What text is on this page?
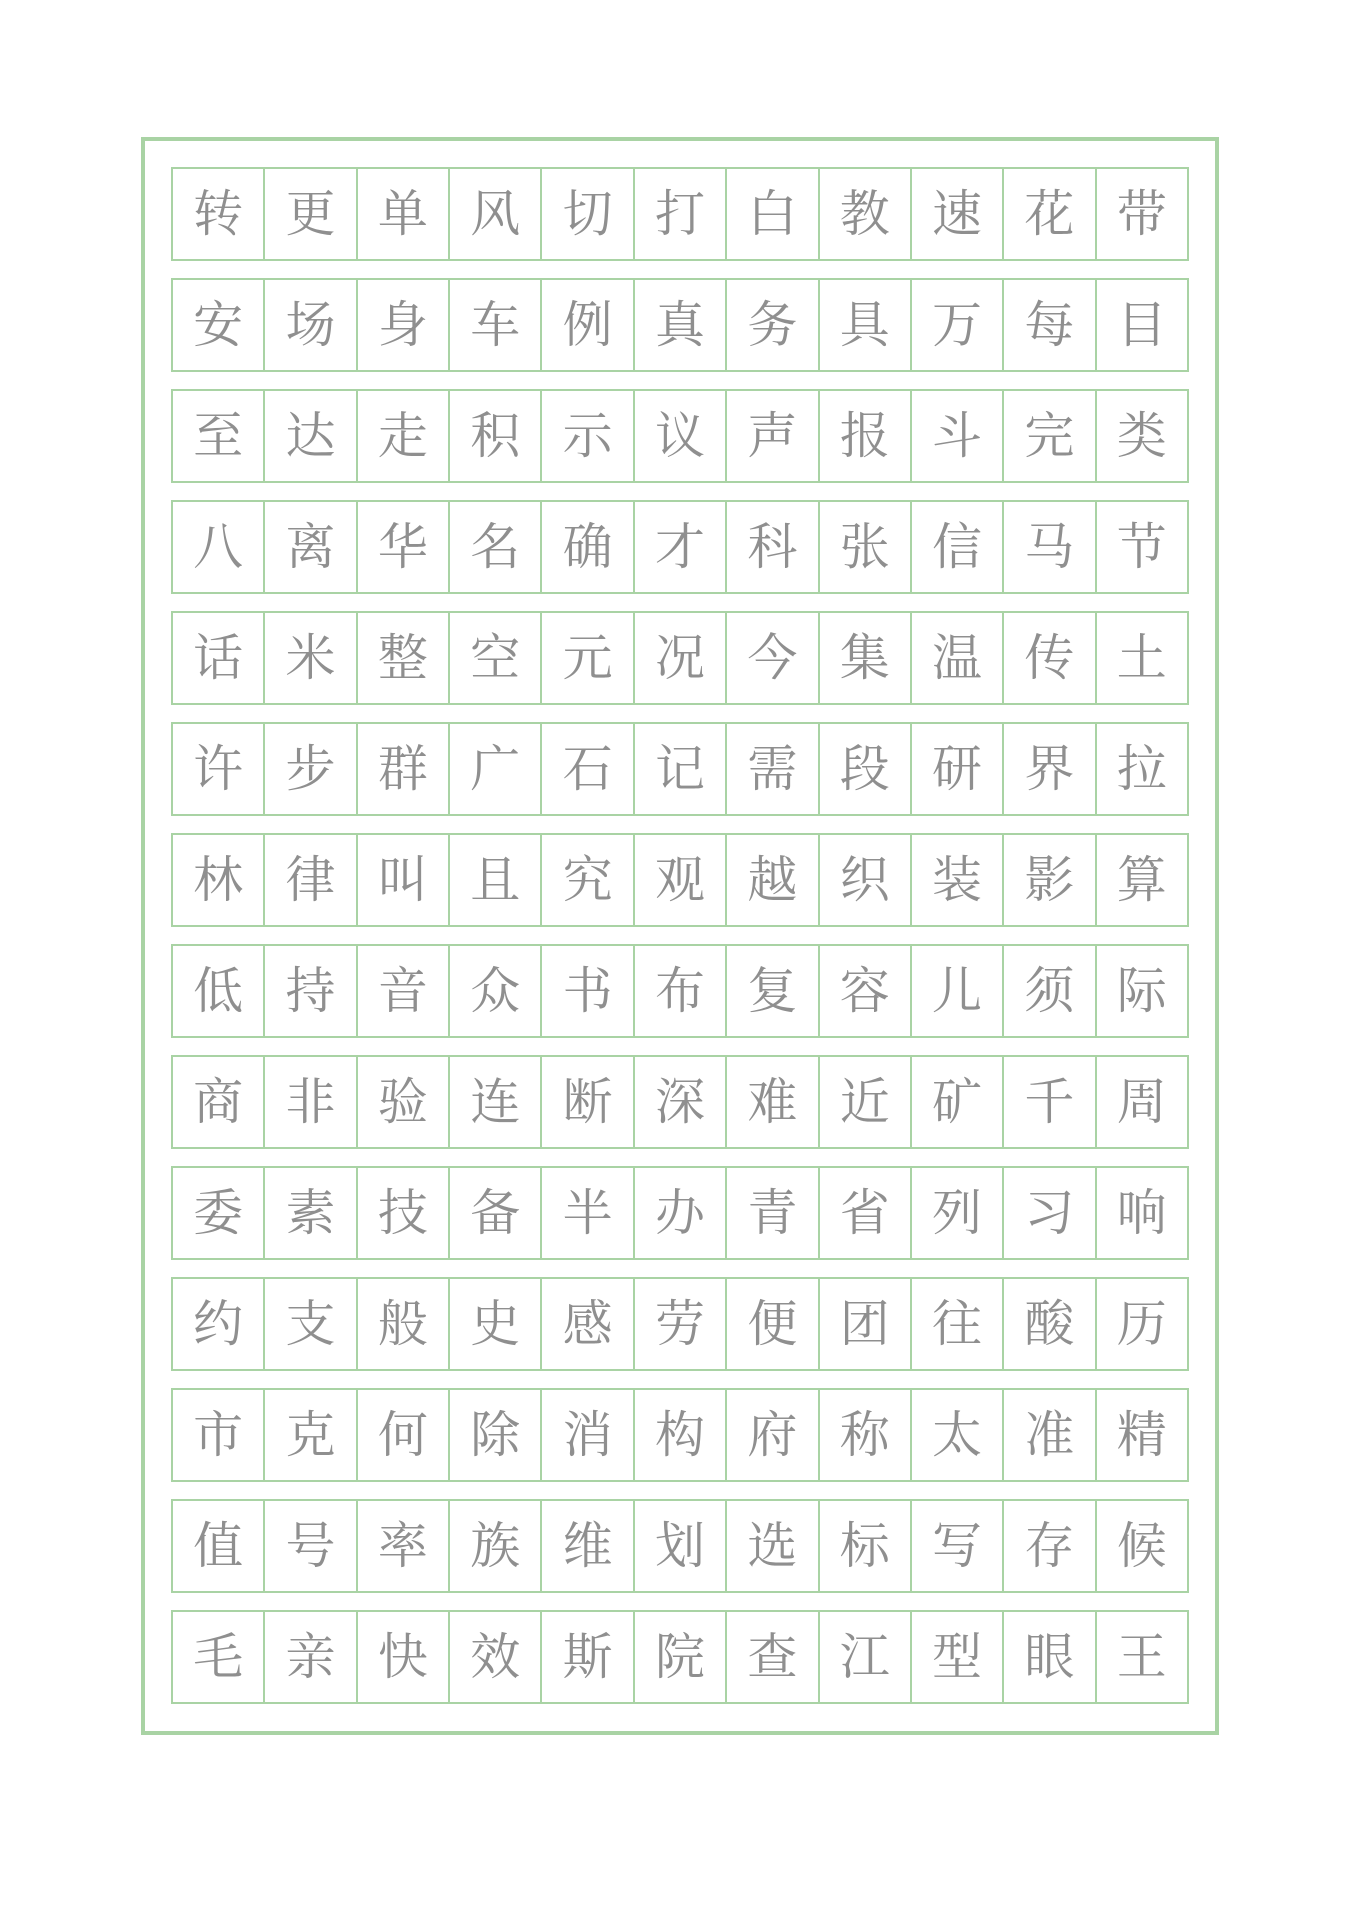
转 更 单 风 切 打 白 教 速 花 带
安 场 身 车 例 真 务 具 万 每 目
至 达 走 积 示 议 声 报 斗 完 类
八 离 华 名 确 才 科 张 信 马 节
话 米 整 空 元 况 今 集 温 传 土
许 步 群 广 石 记 需 段 研 界 拉
林 律 叫 且 究 观 越 织 装 影 算
低 持 音 众 书 布 复 容 儿 须 际
商 非 验 连 断 深 难 近 矿 千 周
委 素 技 备 半 办 青 省 列 习 响
约 支 般 史 感 劳 便 团 往 酸 历
市 克 何 除 消 构 府 称 太 准 精
值 号 率 族 维 划 选 标 写 存 候
毛 亲 快 效 斯 院 查 江 型 眼 王
